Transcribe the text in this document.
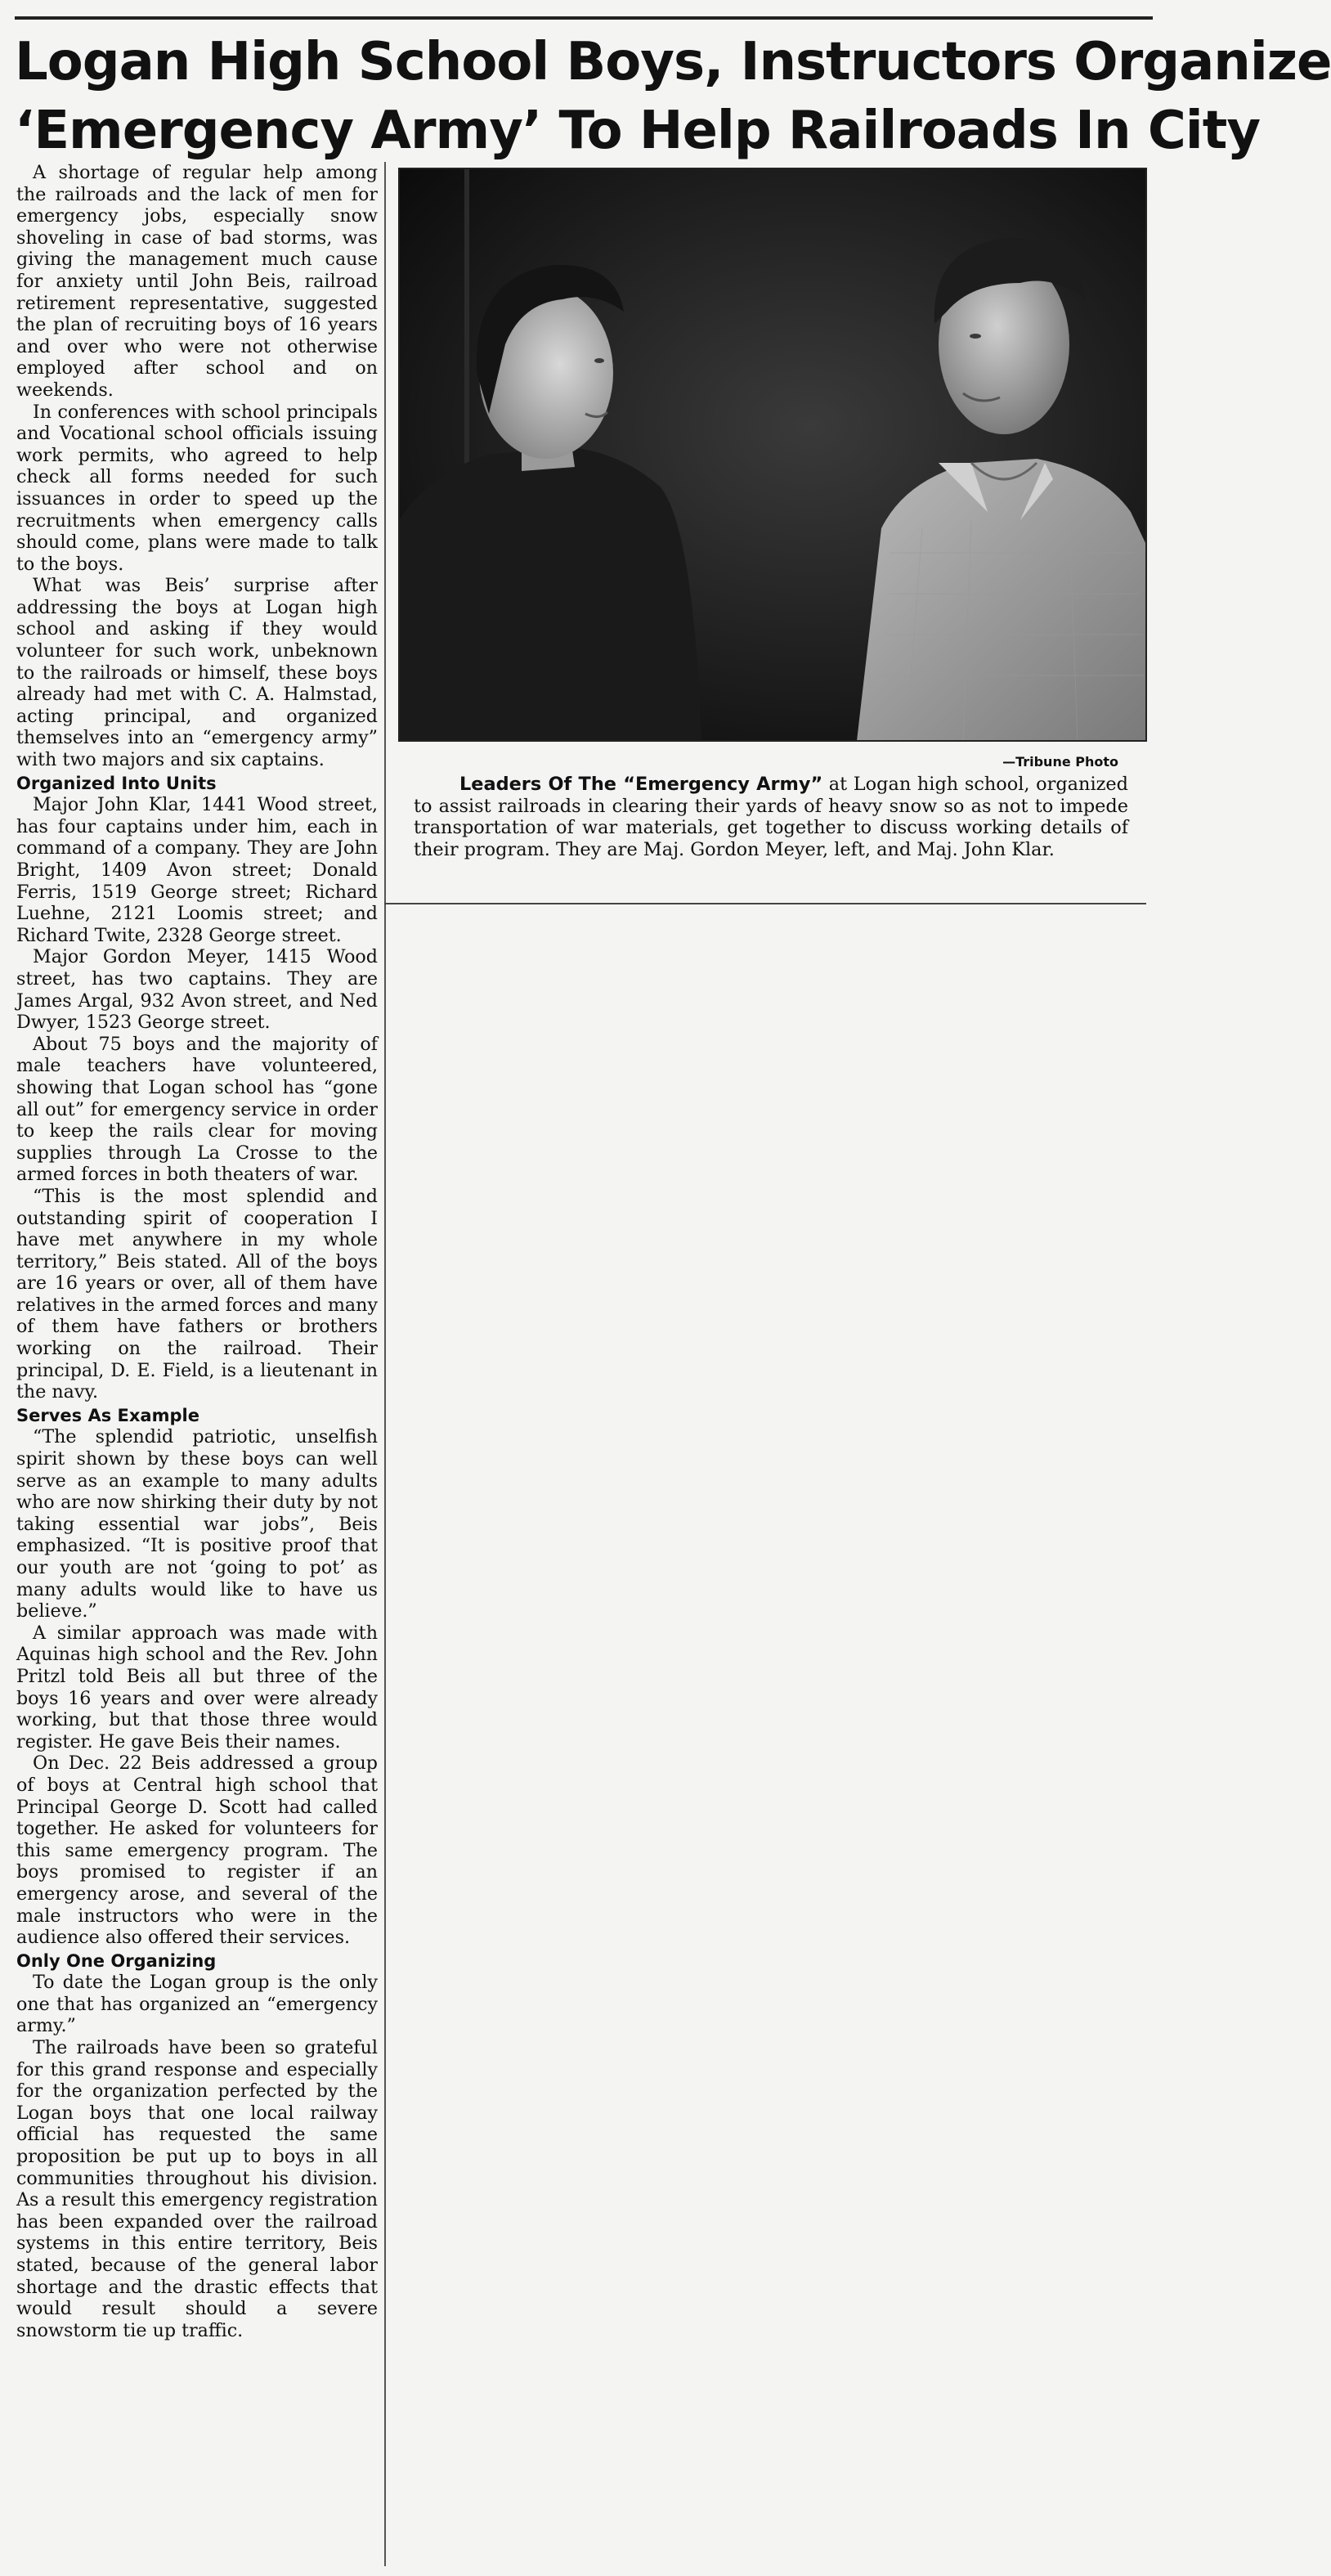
Logan High School Boys, Instructors Organize
‘Emergency Army’ To Help Railroads In City

A shortage of regular help among the railroads and the lack of men for emergency jobs, especially snow shoveling in case of bad storms, was giving the management much cause for anxiety until John Beis, railroad retirement representative, suggested the plan of recruiting boys of 16 years and over who were not otherwise employed after school and on weekends.

In conferences with school principals and Vocational school officials issuing work permits, who agreed to help check all forms needed for such issuances in order to speed up the recruitments when emergency calls should come, plans were made to talk to the boys.

What was Beis’ surprise after addressing the boys at Logan high school and asking if they would volunteer for such work, unbeknown to the railroads or himself, these boys already had met with C. A. Halmstad, acting principal, and organized themselves into an “emergency army” with two majors and six captains.

Organized Into Units

Major John Klar, 1441 Wood street, has four captains under him, each in command of a company. They are John Bright, 1409 Avon street; Donald Ferris, 1519 George street; Richard Luehne, 2121 Loomis street; and Richard Twite, 2328 George street.

Major Gordon Meyer, 1415 Wood street, has two captains. They are James Argal, 932 Avon street, and Ned Dwyer, 1523 George street.

About 75 boys and the majority of male teachers have volunteered, showing that Logan school has “gone all out” for emergency service in order to keep the rails clear for moving supplies through La Crosse to the armed forces in both theaters of war.

“This is the most splendid and outstanding spirit of cooperation I have met anywhere in my whole territory,” Beis stated. All of the boys are 16 years or over, all of them have relatives in the armed forces and many of them have fathers or brothers working on the railroad. Their principal, D. E. Field, is a lieutenant in the navy.

Serves As Example

“The splendid patriotic, unselfish spirit shown by these boys can well serve as an example to many adults who are now shirking their duty by not taking essential war jobs”, Beis emphasized. “It is positive proof that our youth are not ‘going to pot’ as many adults would like to have us believe.”

A similar approach was made with Aquinas high school and the Rev. John Pritzl told Beis all but three of the boys 16 years and over were already working, but that those three would register. He gave Beis their names.

On Dec. 22 Beis addressed a group of boys at Central high school that Principal George D. Scott had called together. He asked for volunteers for this same emergency program. The boys promised to register if an emergency arose, and several of the male instructors who were in the audience also offered their services.

Only One Organizing

To date the Logan group is the only one that has organized an “emergency army.”

The railroads have been so grateful for this grand response and especially for the organization perfected by the Logan boys that one local railway official has requested the same proposition be put up to boys in all communities throughout his division. As a result this emergency registration has been expanded over the railroad systems in this entire territory, Beis stated, because of the general labor shortage and the drastic effects that would result should a severe snowstorm tie up traffic.

—Tribune Photo

Leaders Of The “Emergency Army” at Logan high school, organized to assist railroads in clearing their yards of heavy snow so as not to impede transportation of war materials, get together to discuss working details of their program. They are Maj. Gordon Meyer, left, and Maj. John Klar.
